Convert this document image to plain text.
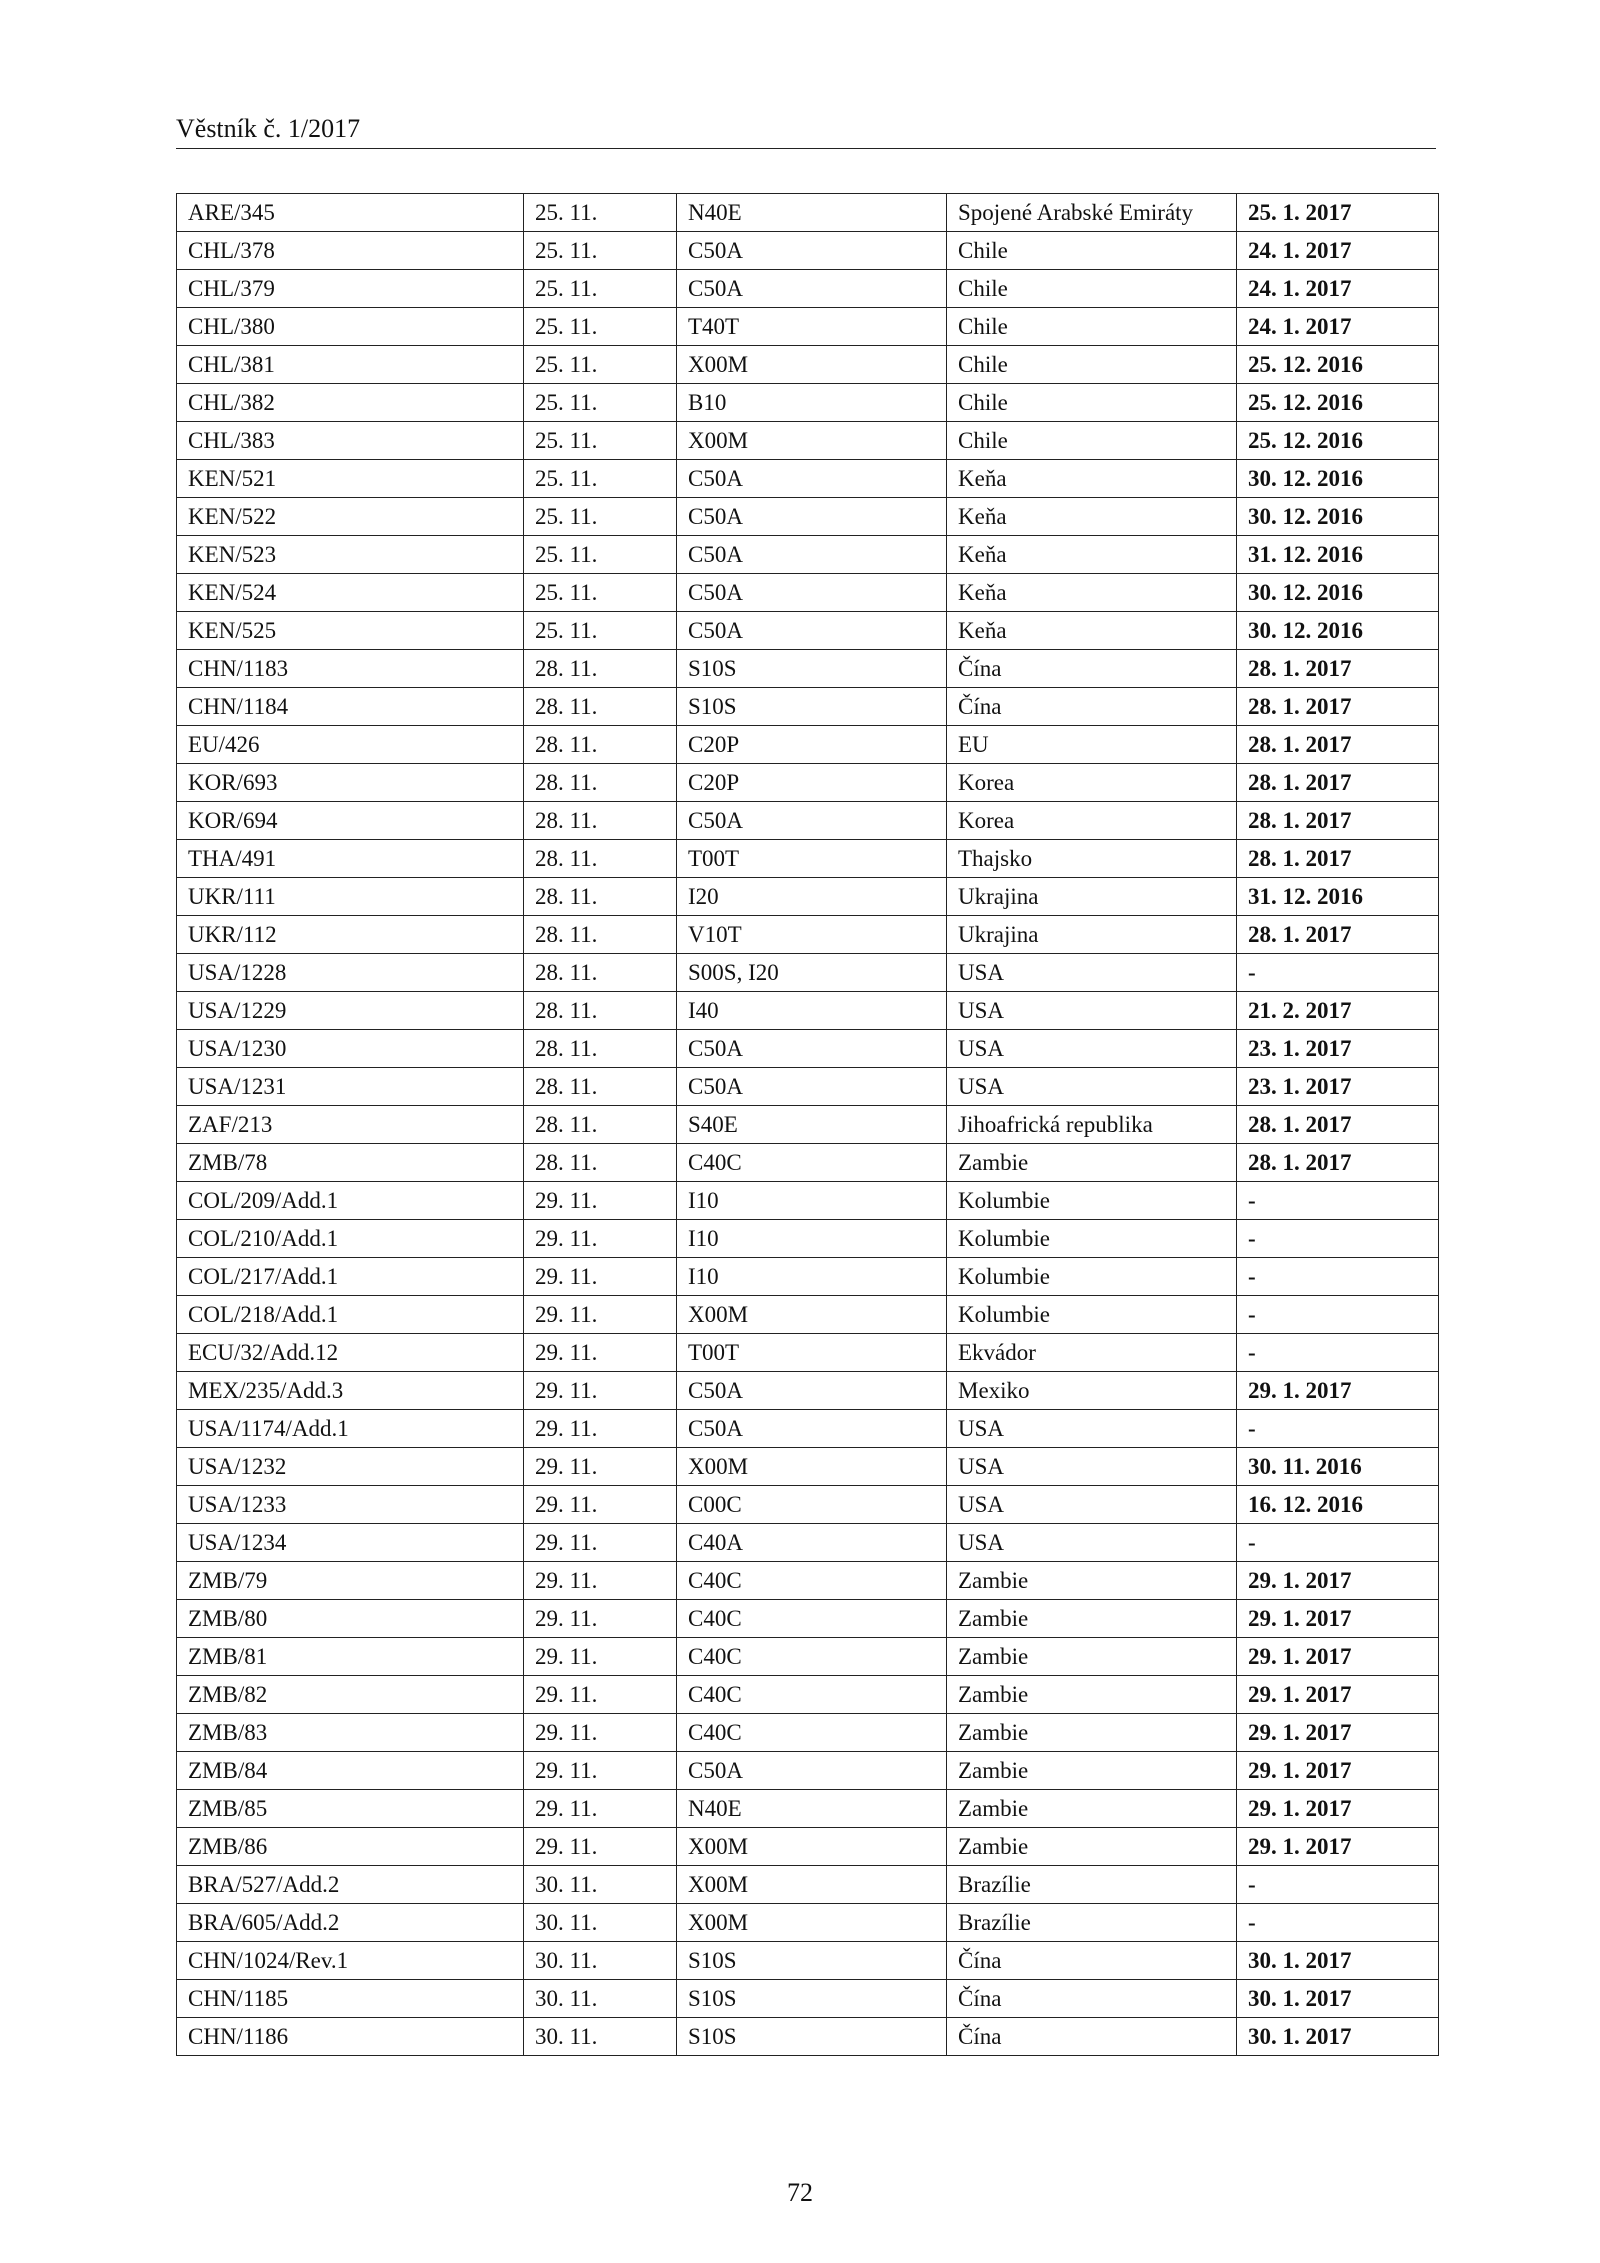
Věstník č. 1/2017
ARE/345	25. 11.	N40E	Spojené Arabské Emiráty	25. 1. 2017
CHL/378	25. 11.	C50A	Chile	24. 1. 2017
CHL/379	25. 11.	C50A	Chile	24. 1. 2017
CHL/380	25. 11.	T40T	Chile	24. 1. 2017
CHL/381	25. 11.	X00M	Chile	25. 12. 2016
CHL/382	25. 11.	B10	Chile	25. 12. 2016
CHL/383	25. 11.	X00M	Chile	25. 12. 2016
KEN/521	25. 11.	C50A	Keňa	30. 12. 2016
KEN/522	25. 11.	C50A	Keňa	30. 12. 2016
KEN/523	25. 11.	C50A	Keňa	31. 12. 2016
KEN/524	25. 11.	C50A	Keňa	30. 12. 2016
KEN/525	25. 11.	C50A	Keňa	30. 12. 2016
CHN/1183	28. 11.	S10S	Čína	28. 1. 2017
CHN/1184	28. 11.	S10S	Čína	28. 1. 2017
EU/426	28. 11.	C20P	EU	28. 1. 2017
KOR/693	28. 11.	C20P	Korea	28. 1. 2017
KOR/694	28. 11.	C50A	Korea	28. 1. 2017
THA/491	28. 11.	T00T	Thajsko	28. 1. 2017
UKR/111	28. 11.	I20	Ukrajina	31. 12. 2016
UKR/112	28. 11.	V10T	Ukrajina	28. 1. 2017
USA/1228	28. 11.	S00S, I20	USA	-
USA/1229	28. 11.	I40	USA	21. 2. 2017
USA/1230	28. 11.	C50A	USA	23. 1. 2017
USA/1231	28. 11.	C50A	USA	23. 1. 2017
ZAF/213	28. 11.	S40E	Jihoafrická republika	28. 1. 2017
ZMB/78	28. 11.	C40C	Zambie	28. 1. 2017
COL/209/Add.1	29. 11.	I10	Kolumbie	-
COL/210/Add.1	29. 11.	I10	Kolumbie	-
COL/217/Add.1	29. 11.	I10	Kolumbie	-
COL/218/Add.1	29. 11.	X00M	Kolumbie	-
ECU/32/Add.12	29. 11.	T00T	Ekvádor	-
MEX/235/Add.3	29. 11.	C50A	Mexiko	29. 1. 2017
USA/1174/Add.1	29. 11.	C50A	USA	-
USA/1232	29. 11.	X00M	USA	30. 11. 2016
USA/1233	29. 11.	C00C	USA	16. 12. 2016
USA/1234	29. 11.	C40A	USA	-
ZMB/79	29. 11.	C40C	Zambie	29. 1. 2017
ZMB/80	29. 11.	C40C	Zambie	29. 1. 2017
ZMB/81	29. 11.	C40C	Zambie	29. 1. 2017
ZMB/82	29. 11.	C40C	Zambie	29. 1. 2017
ZMB/83	29. 11.	C40C	Zambie	29. 1. 2017
ZMB/84	29. 11.	C50A	Zambie	29. 1. 2017
ZMB/85	29. 11.	N40E	Zambie	29. 1. 2017
ZMB/86	29. 11.	X00M	Zambie	29. 1. 2017
BRA/527/Add.2	30. 11.	X00M	Brazílie	-
BRA/605/Add.2	30. 11.	X00M	Brazílie	-
CHN/1024/Rev.1	30. 11.	S10S	Čína	30. 1. 2017
CHN/1185	30. 11.	S10S	Čína	30. 1. 2017
CHN/1186	30. 11.	S10S	Čína	30. 1. 2017
72
